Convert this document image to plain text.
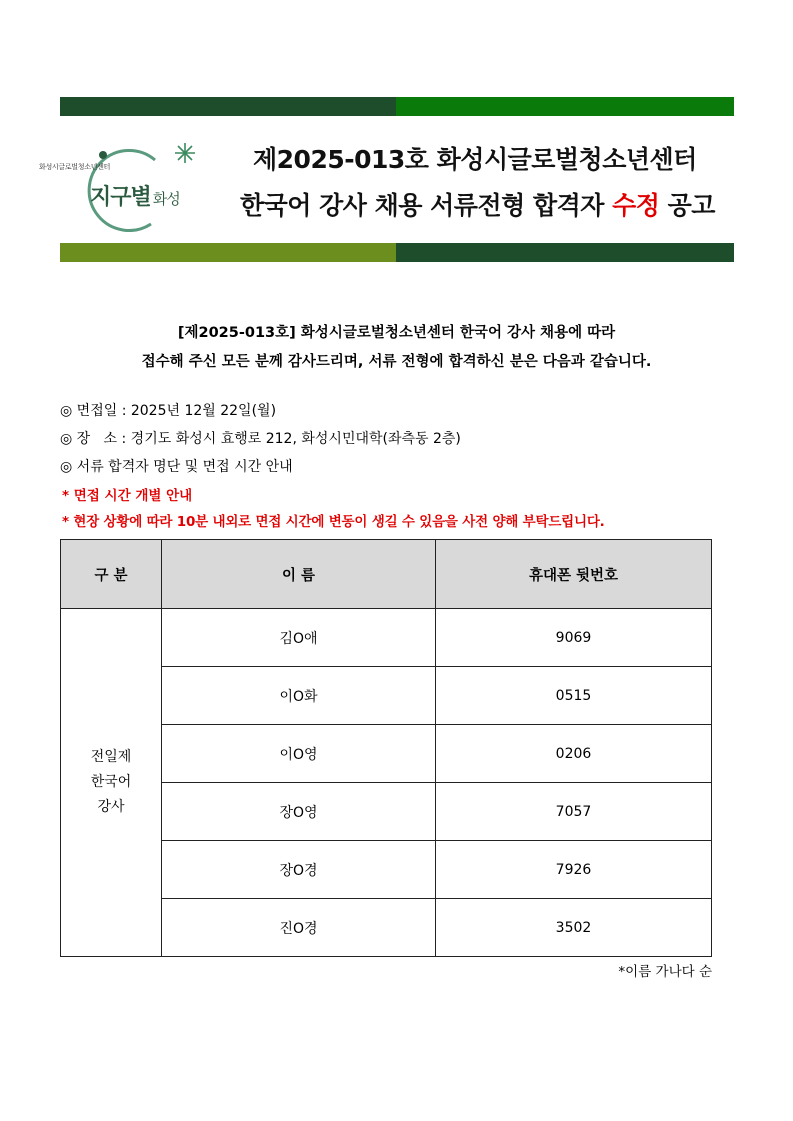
화성시글로벌청소년센터
지구별 화성
제2025-013호 화성시글로벌청소년센터
한국어 강사 채용 서류전형 합격자 수정 공고
[제2025-013호] 화성시글로벌청소년센터 한국어 강사 채용에 따라
접수해 주신 모든 분께 감사드리며, 서류 전형에 합격하신 분은 다음과 같습니다.
◎ 면접일 : 2025년 12월 22일(월)
◎ 장   소 : 경기도 화성시 효행로 212, 화성시민대학(좌측동 2층)
◎ 서류 합격자 명단 및 면접 시간 안내
* 면접 시간 개별 안내
* 현장 상황에 따라 10분 내외로 면접 시간에 변동이 생길 수 있음을 사전 양해 부탁드립니다.
구 분	이 름	휴대폰 뒷번호

전일제
한국어
강사	김O애	9069
	이O화	0515
	이O영	0206
	장O영	7057
	장O경	7926
	진O경	3502
*이름 가나다 순
